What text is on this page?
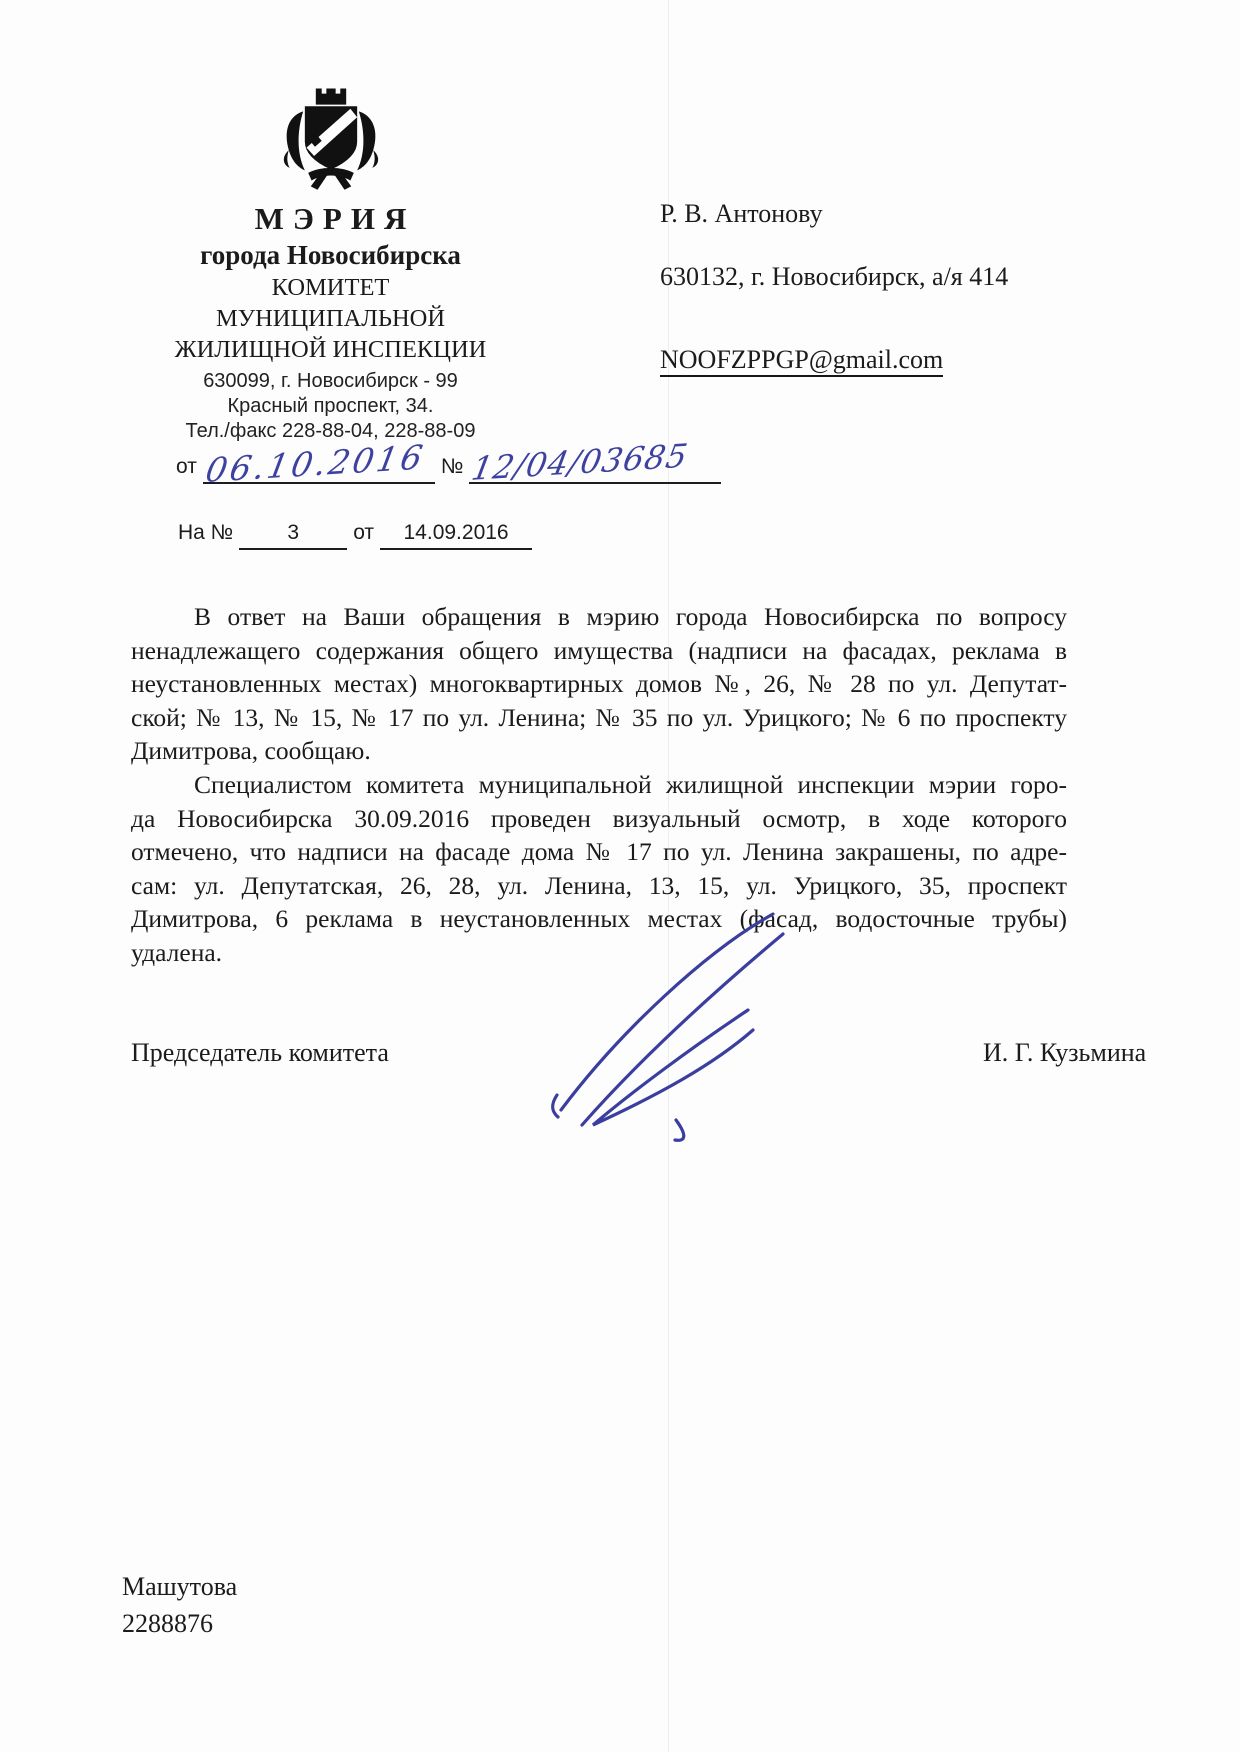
МЭРИЯ
города Новосибирска
КОМИТЕТ
МУНИЦИПАЛЬНОЙ
ЖИЛИЩНОЙ ИНСПЕКЦИИ
630099, г. Новосибирск - 99
Красный проспект, 34.
Тел./факс 228-88-04, 228-88-09
от 06.10.2016 № 12/04/03685
На №	3	от 14.09.2016
Р. В. Антонову
630132, г. Новосибирск, а/я 414
NOOFZPPGP@gmail.com
В ответ на Ваши обращения в мэрию города Новосибирска по вопросу
ненадлежащего содержания общего имущества (надписи на фасадах, реклама в
неустановленных местах) многоквартирных домов №, 26, № 28 по ул. Депутат-
ской; № 13, № 15, № 17 по ул. Ленина; № 35 по ул. Урицкого; № 6 по проспекту
Димитрова, сообщаю.
Специалистом комитета муниципальной жилищной инспекции мэрии горо-
да Новосибирска 30.09.2016 проведен визуальный осмотр, в ходе которого
отмечено, что надписи на фасаде дома № 17 по ул. Ленина закрашены, по адре-
сам: ул. Депутатская, 26, 28, ул. Ленина, 13, 15, ул. Урицкого, 35, проспект
Димитрова, 6 реклама в неустановленных местах (фасад, водосточные трубы)
удалена.
Председатель комитета	И. Г. Кузьмина
Машутова
2288876
